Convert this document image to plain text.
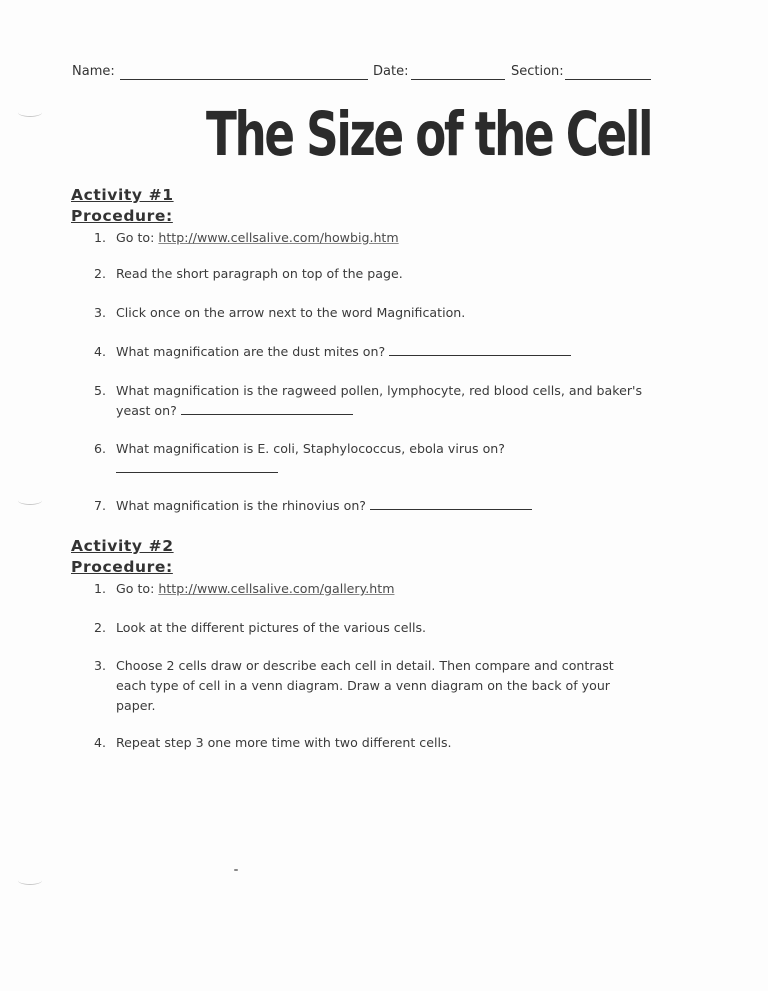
Name:	Date:	Section:
The Size of the Cell
Activity #1
Procedure:
1. Go to: http://www.cellsalive.com/howbig.htm
2. Read the short paragraph on top of the page.
3. Click once on the arrow next to the word Magnification.
4. What magnification are the dust mites on?
5. What magnification is the ragweed pollen, lymphocyte, red blood cells, and baker's
yeast on?
6. What magnification is E. coli, Staphylococcus, ebola virus on?

7. What magnification is the rhinovius on?
Activity #2
Procedure:
1. Go to: http://www.cellsalive.com/gallery.htm
2. Look at the different pictures of the various cells.
3. Choose 2 cells draw or describe each cell in detail. Then compare and contrast
each type of cell in a venn diagram. Draw a venn diagram on the back of your
paper.
4. Repeat step 3 one more time with two different cells.
